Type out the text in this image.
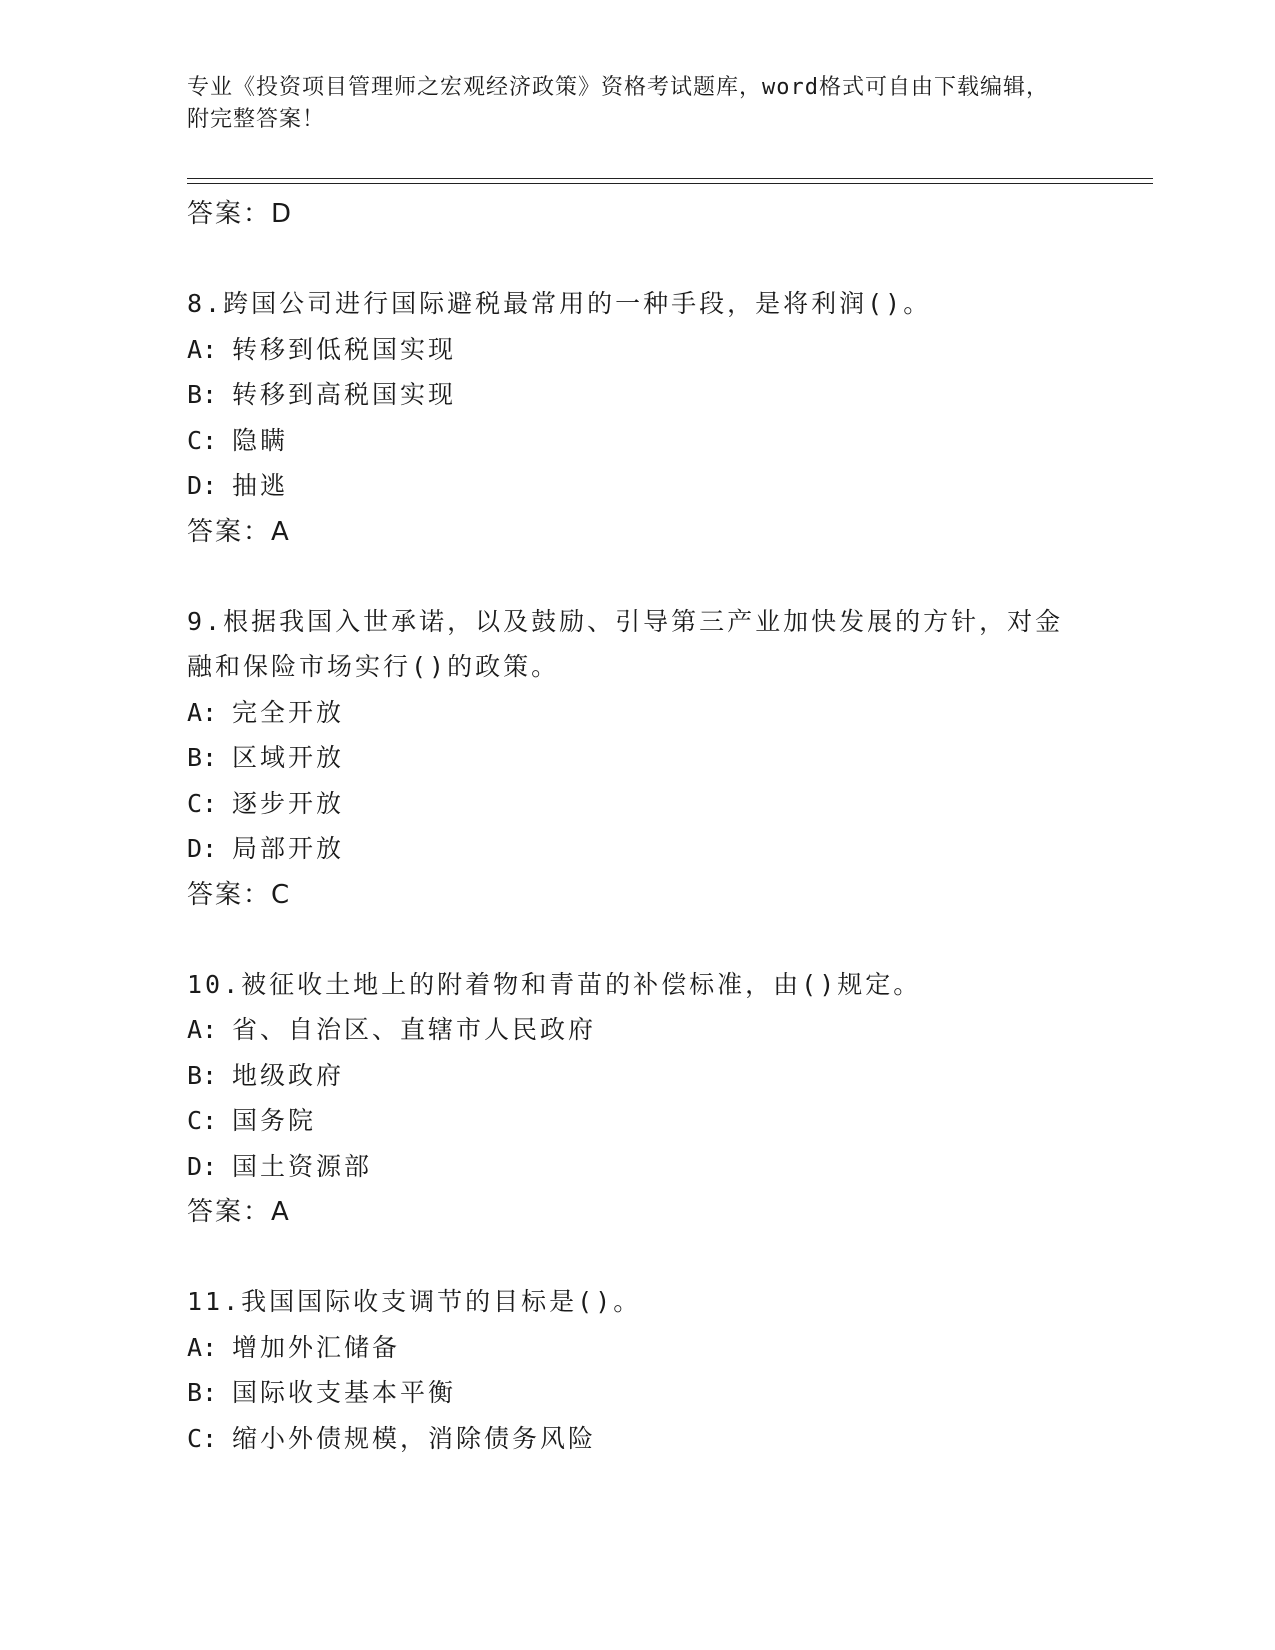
专业《投资项目管理师之宏观经济政策》资格考试题库，word格式可自由下载编辑，附完整答案！
答案：D
8.跨国公司进行国际避税最常用的一种手段，是将利润()。
A: 转移到低税国实现
B: 转移到高税国实现
C: 隐瞒
D: 抽逃
答案：A
9.根据我国入世承诺，以及鼓励、引导第三产业加快发展的方针，对金融和保险市场实行()的政策。
A: 完全开放
B: 区域开放
C: 逐步开放
D: 局部开放
答案：C
10.被征收土地上的附着物和青苗的补偿标准，由()规定。
A: 省、自治区、直辖市人民政府
B: 地级政府
C: 国务院
D: 国土资源部
答案：A
11.我国国际收支调节的目标是()。
A: 增加外汇储备
B: 国际收支基本平衡
C: 缩小外债规模，消除债务风险
